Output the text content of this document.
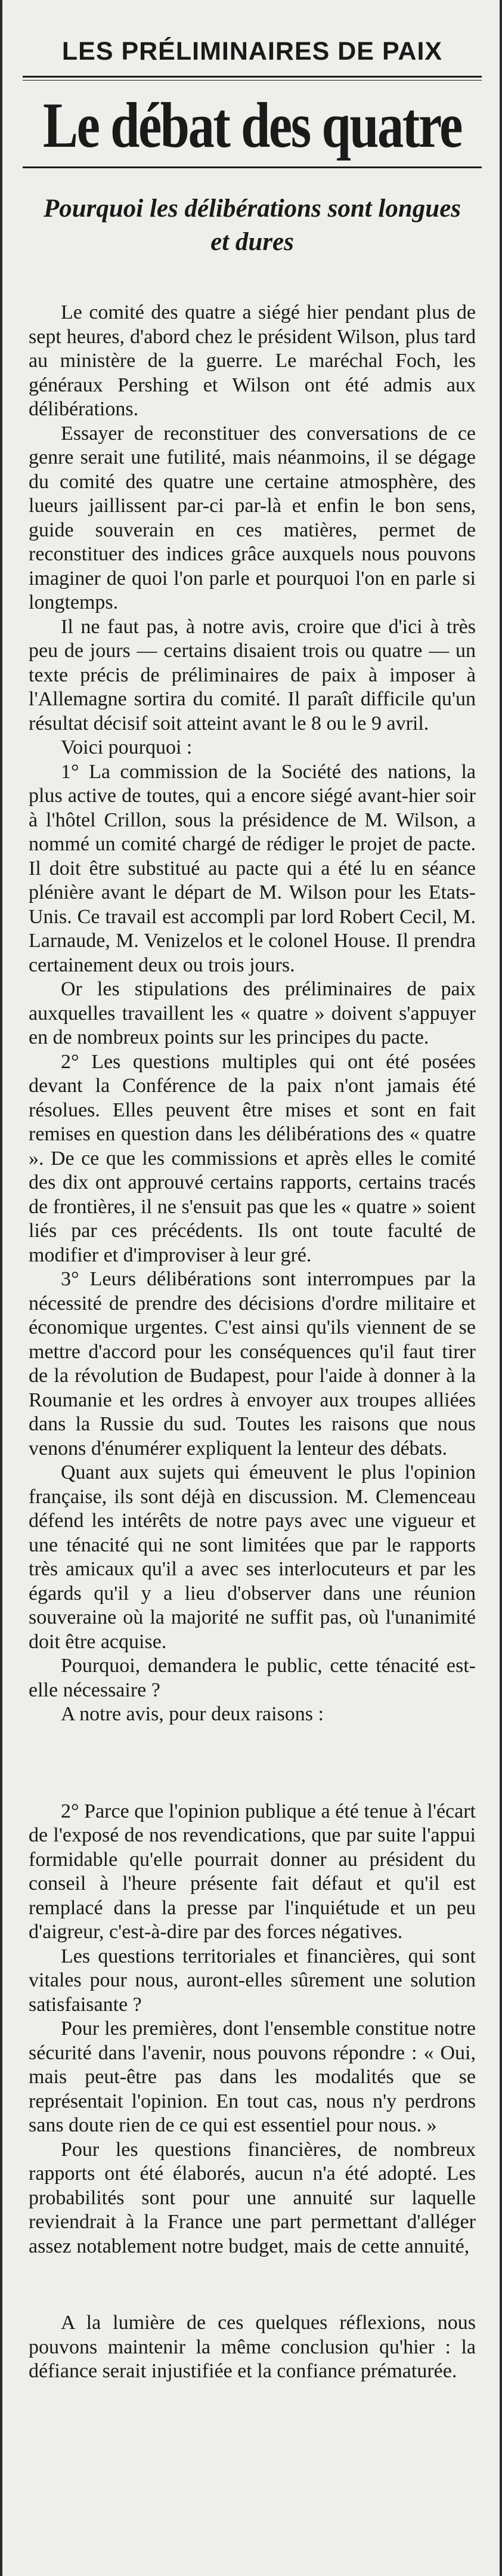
LES PRÉLIMINAIRES DE PAIX
Le débat des quatre
Pourquoi les délibérations sont longues et dures

Le comité des quatre a siégé hier pendant plus de sept heures, d'abord chez le président Wilson, plus tard au ministère de la guerre. Le maréchal Foch, les généraux Pershing et Wilson ont été admis aux délibérations.

Essayer de reconstituer des conversations de ce genre serait une futilité, mais néanmoins, il se dégage du comité des quatre une certaine atmosphère, des lueurs jaillissent par-ci par-là et enfin le bon sens, guide souverain en ces matières, permet de reconstituer des indices grâce auxquels nous pouvons imaginer de quoi l'on parle et pourquoi l'on en parle si longtemps.

Il ne faut pas, à notre avis, croire que d'ici à très peu de jours — certains disaient trois ou quatre — un texte précis de préliminaires de paix à imposer à l'Allemagne sortira du comité. Il paraît difficile qu'un résultat décisif soit atteint avant le 8 ou le 9 avril.

Voici pourquoi :

1° La commission de la Société des nations, la plus active de toutes, qui a encore siégé avant-hier soir à l'hôtel Crillon, sous la présidence de M. Wilson, a nommé un comité chargé de rédiger le projet de pacte. Il doit être substitué au pacte qui a été lu en séance plénière avant le départ de M. Wilson pour les Etats-Unis. Ce travail est accompli par lord Robert Cecil, M. Larnaude, M. Venizelos et le colonel House. Il prendra certainement deux ou trois jours.

Or les stipulations des préliminaires de paix auxquelles travaillent les « quatre » doivent s'appuyer en de nombreux points sur les principes du pacte.

2° Les questions multiples qui ont été posées devant la Conférence de la paix n'ont jamais été résolues. Elles peuvent être mises et sont en fait remises en question dans les délibérations des « quatre ». De ce que les commissions et après elles le comité des dix ont approuvé certains rapports, certains tracés de frontières, il ne s'ensuit pas que les « quatre » soient liés par ces précédents. Ils ont toute faculté de modifier et d'improviser à leur gré.

3° Leurs délibérations sont interrompues par la nécessité de prendre des décisions d'ordre militaire et économique urgentes. C'est ainsi qu'ils viennent de se mettre d'accord pour les conséquences qu'il faut tirer de la révolution de Budapest, pour l'aide à donner à la Roumanie et les ordres à envoyer aux troupes alliées dans la Russie du sud. Toutes les raisons que nous venons d'énumérer expliquent la lenteur des débats.

Quant aux sujets qui émeuvent le plus l'opinion française, ils sont déjà en discussion. M. Clemenceau défend les intérêts de notre pays avec une vigueur et une ténacité qui ne sont limitées que par le rapports très amicaux qu'il a avec ses interlocuteurs et par les égards qu'il y a lieu d'observer dans une réunion souveraine où la majorité ne suffit pas, où l'unanimité doit être acquise.

Pourquoi, demandera le public, cette ténacité est-elle nécessaire ?

A notre avis, pour deux raisons :

2° Parce que l'opinion publique a été tenue à l'écart de l'exposé de nos revendications, que par suite l'appui formidable qu'elle pourrait donner au président du conseil à l'heure présente fait défaut et qu'il est remplacé dans la presse par l'inquiétude et un peu d'aigreur, c'est-à-dire par des forces négatives.

Les questions territoriales et financières, qui sont vitales pour nous, auront-elles sûrement une solution satisfaisante ?

Pour les premières, dont l'ensemble constitue notre sécurité dans l'avenir, nous pouvons répondre : « Oui, mais peut-être pas dans les modalités que se représentait l'opinion. En tout cas, nous n'y perdrons sans doute rien de ce qui est essentiel pour nous. »

Pour les questions financières, de nombreux rapports ont été élaborés, aucun n'a été adopté. Les probabilités sont pour une annuité sur laquelle reviendrait à la France une part permettant d'alléger assez notablement notre budget, mais de cette annuité,

A la lumière de ces quelques réflexions, nous pouvons maintenir la même conclusion qu'hier : la défiance serait injustifiée et la confiance prématurée.
